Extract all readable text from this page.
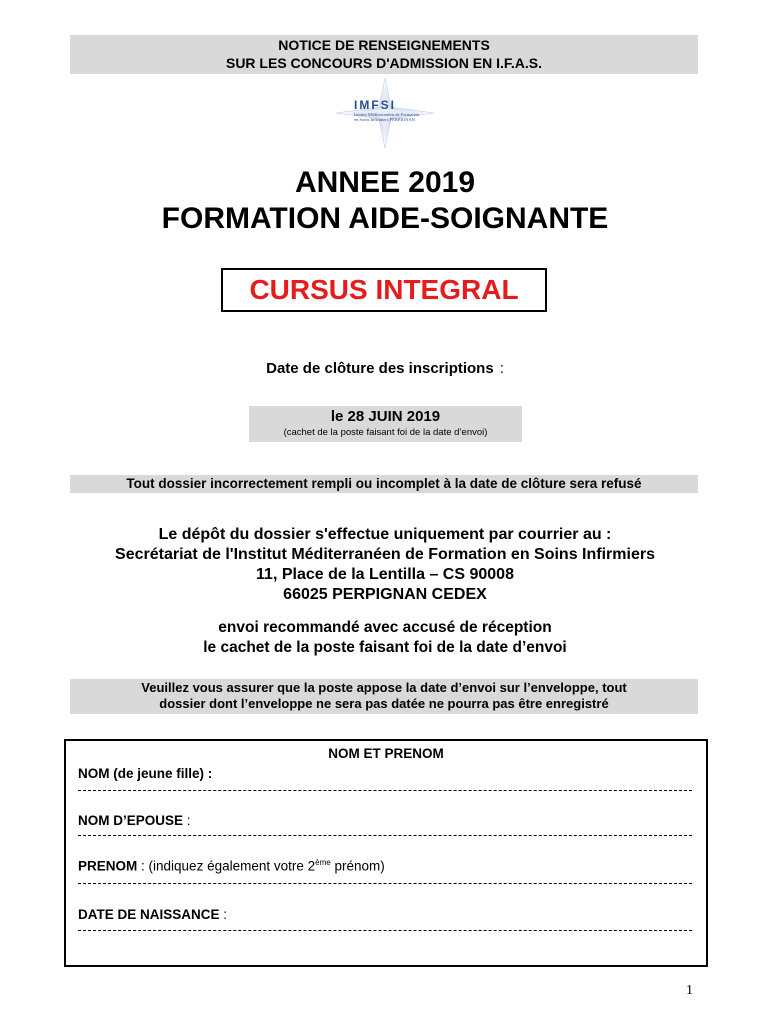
NOTICE DE RENSEIGNEMENTS
SUR LES CONCOURS D'ADMISSION EN I.F.A.S.
IMFSI
Institut Méditerranéen de Formation en Soins Infirmiers PERPIGNAN
ANNEE 2019
FORMATION AIDE-SOIGNANTE
CURSUS INTEGRAL
Date de clôture des inscriptions :
le 28 JUIN 2019
(cachet de la poste faisant foi de la date d’envoi)
Tout dossier incorrectement rempli ou incomplet à la date de clôture sera refusé
Le dépôt du dossier s'effectue uniquement par courrier au :
Secrétariat de l'Institut Méditerranéen de Formation en Soins Infirmiers
11, Place de la Lentilla – CS 90008
66025 PERPIGNAN CEDEX
envoi recommandé avec accusé de réception
le cachet de la poste faisant foi de la date d’envoi
Veuillez vous assurer que la poste appose la date d’envoi sur l’enveloppe, tout
dossier dont l’enveloppe ne sera pas datée ne pourra pas être enregistré
NOM ET PRENOM
NOM (de jeune fille) :
NOM D’EPOUSE :
PRENOM : (indiquez également votre 2ème prénom)
DATE DE NAISSANCE :
1
